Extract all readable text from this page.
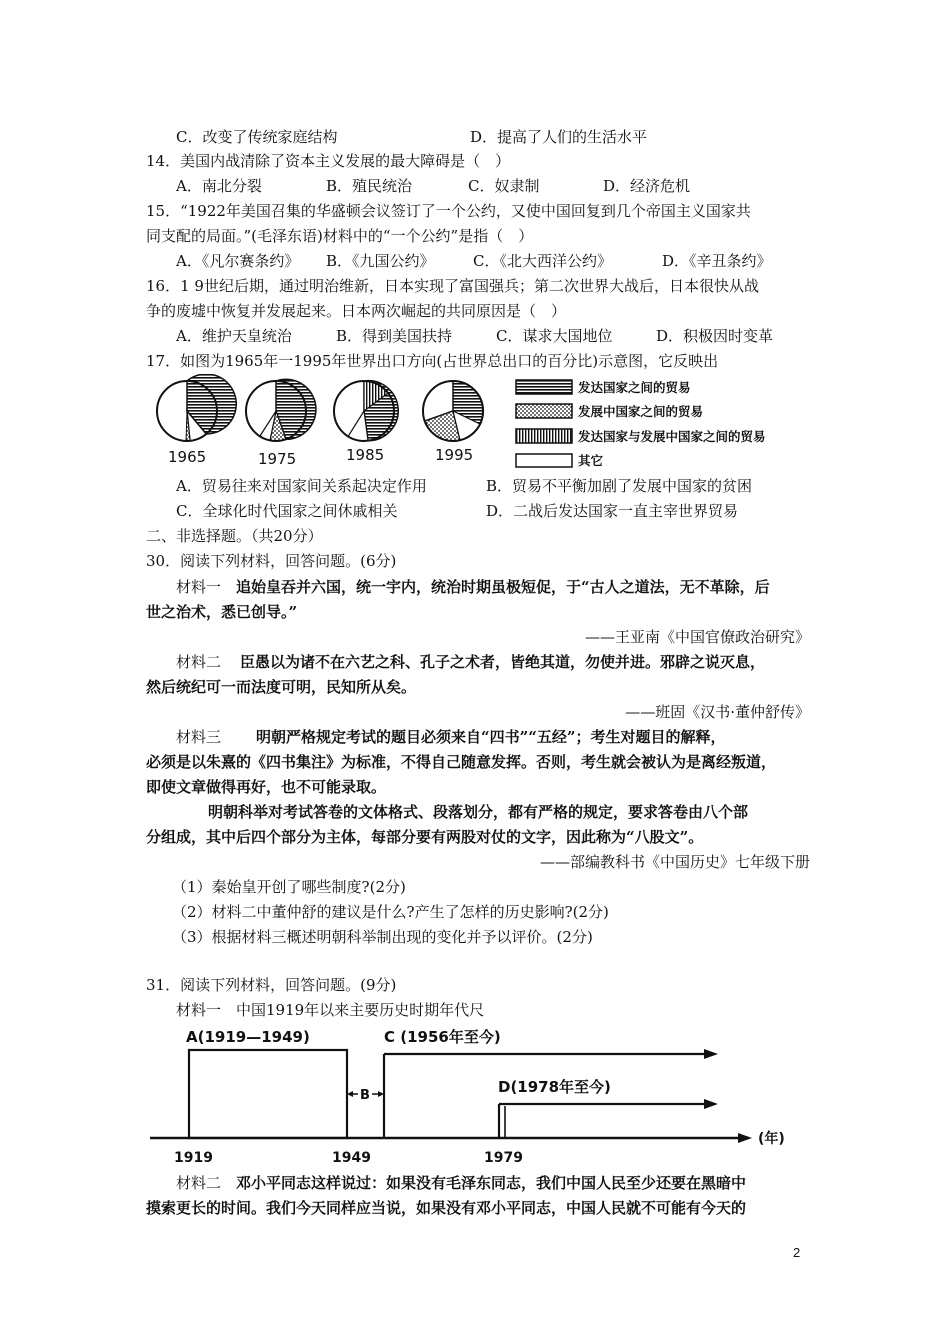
C．改变了传统家庭结构	D．提高了人们的生活水平
14．美国内战清除了资本主义发展的最大障碍是（　）
A．南北分裂	B．殖民统治	C．奴隶制	D．经济危机
15．“1922年美国召集的华盛顿会议签订了一个公约，又使中国回复到几个帝国主义国家共
同支配的局面。”(毛泽东语)材料中的“一个公约”是指（　）
A．《凡尔赛条约》 B．《九国公约》	C．《北大西洋公约》	D．《辛丑条约》
16．1 9世纪后期，通过明治维新，日本实现了富国强兵；第二次世界大战后，日本很快从战
争的废墟中恢复并发展起来。日本两次崛起的共同原因是（　）
A．维护天皇统治	B．得到美国扶持	C．谋求大国地位	D．积极因时变革
17．如图为1965年一1995年世界出口方向(占世界总出口的百分比)示意图，它反映出
1965	1975	1985	1995
发达国家之间的贸易
发展中国家之间的贸易
发达国家与发展中国家之间的贸易
其它
A．贸易往来对国家间关系起决定作用	B．贸易不平衡加剧了发展中国家的贫困
C．全球化时代国家之间休戚相关	D．二战后发达国家一直主宰世界贸易
二、非选择题。（共20分）
30．阅读下列材料，回答问题。(6分)
材料一 追始皇吞并六国，统一宇内，统治时期虽极短促，于“古人之道法，无不革除，后
世之治术，悉已创导。”
——王亚南《中国官僚政治研究》
材料二 臣愚以为诸不在六艺之科、孔子之术者，皆绝其道，勿使并进。邪辟之说灭息，
然后统纪可一而法度可明，民知所从矣。
——班固《汉书·董仲舒传》
材料三 明朝严格规定考试的题目必须来自“四书”“五经”；考生对题目的解释，
必须是以朱熹的《四书集注》为标准，不得自己随意发挥。否则，考生就会被认为是离经叛道，
即使文章做得再好，也不可能录取。
明朝科举对考试答卷的文体格式、段落划分，都有严格的规定，要求答卷由八个部
分组成，其中后四个部分为主体，每部分要有两股对仗的文字，因此称为“八股文”。
——部编教科书《中国历史》七年级下册
（1）秦始皇开创了哪些制度?(2分)
（2）材料二中董仲舒的建议是什么?产生了怎样的历史影响?(2分)
（3）根据材料三概述明朝科举制出现的变化并予以评价。(2分)
31．阅读下列材料，回答问题。(9分)
材料一　中国1919年以来主要历史时期年代尺
A(1919—1949)
B
C (1956年至今)
D(1978年至今)
(年)
1919	1949	1979
材料二 邓小平同志这样说过：如果没有毛泽东同志，我们中国人民至少还要在黑暗中
摸索更长的时间。我们今天同样应当说，如果没有邓小平同志，中国人民就不可能有今天的
2
